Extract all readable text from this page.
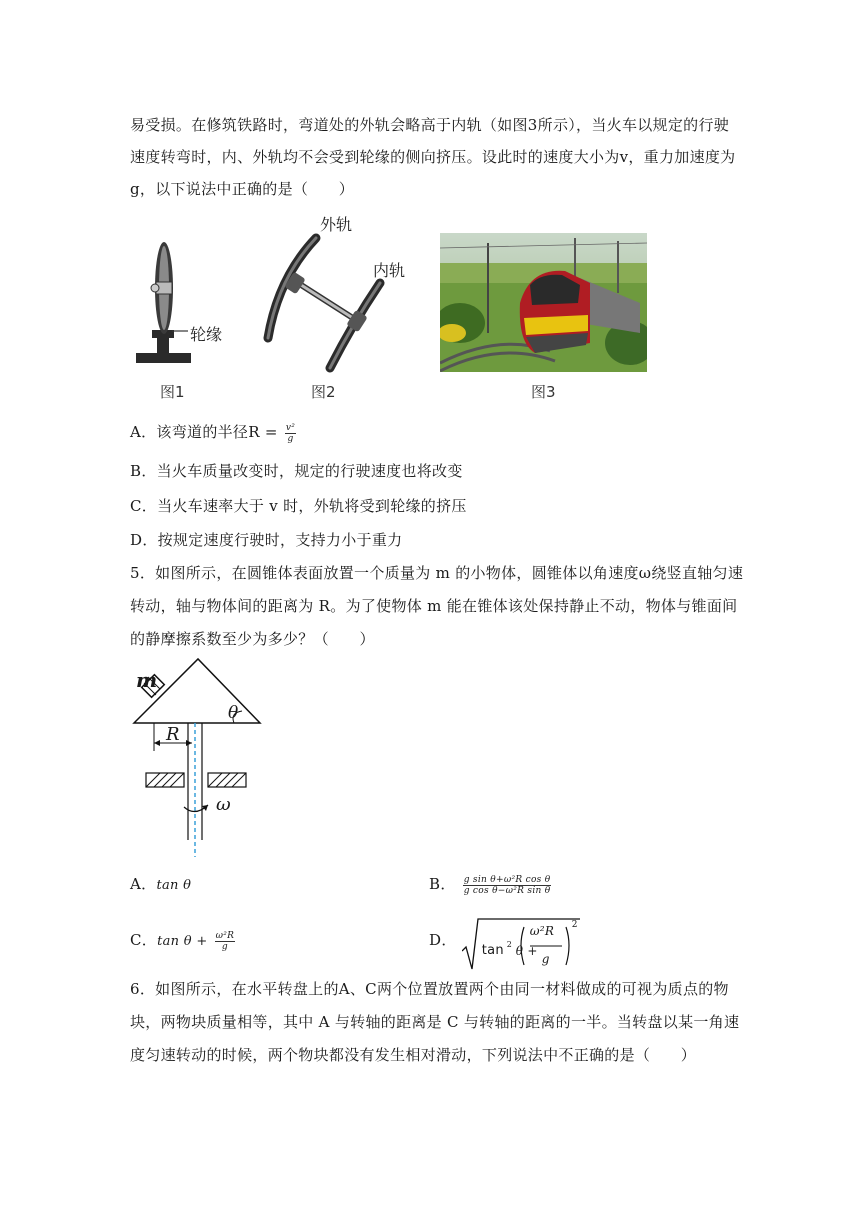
易受损。在修筑铁路时，弯道处的外轨会略高于内轨（如图3所示），当火车以规定的行驶
速度转弯时，内、外轨均不会受到轮缘的侧向挤压。设此时的速度大小为v，重力加速度为
g，以下说法中正确的是（　　）
轮缘
图1
外轨
内轨
图2	图3
A．该弯道的半径$R = \frac{\text{v²}}{g}$
B．当火车质量改变时，规定的行驶速度也将改变
C．当火车速率大于 v 时，外轨将受到轮缘的挤压
D．按规定速度行驶时，支持力小于重力
5．如图所示，在圆锥体表面放置一个质量为 m 的小物体，圆锥体以角速度ω绕竖直轴匀速
转动，轴与物体间的距离为 R。为了使物体 m 能在锥体该处保持静止不动，物体与锥面间
的静摩擦系数至少为多少？（　　）
m
R
θ
ω
A．tan θ	B． $\frac{\text{g sin θ+ω²R cos θ}}{\text{g cos θ−ω²R sin θ}}$
C．$\tan \theta + \frac{\text{ω²R}}{g}$	D．
tan 2 θ +
ω²R
g
2
6．如图所示，在水平转盘上的A、C两个位置放置两个由同一材料做成的可视为质点的物
块，两物块质量相等，其中 A 与转轴的距离是 C 与转轴的距离的一半。当转盘以某一角速
度匀速转动的时候，两个物块都没有发生相对滑动，下列说法中不正确的是（　　）
